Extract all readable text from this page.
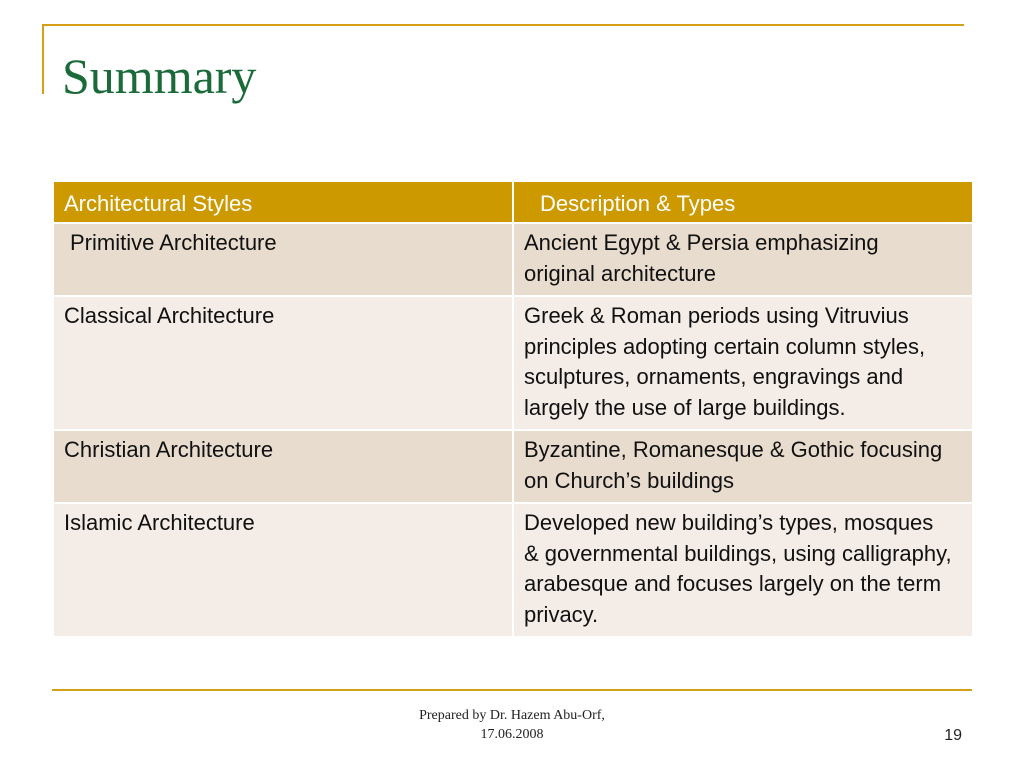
Summary
Architectural Styles	Description & Types
Primitive Architecture	Ancient Egypt & Persia emphasizing original architecture
Classical Architecture	Greek & Roman periods using Vitruvius principles adopting certain column styles, sculptures, ornaments, engravings and largely the use of large buildings.
Christian Architecture	Byzantine, Romanesque & Gothic focusing on Church’s buildings
Islamic Architecture	Developed new building’s types, mosques & governmental buildings, using calligraphy, arabesque and focuses largely on the term privacy.
Prepared by Dr. Hazem Abu-Orf,
17.06.2008	19
